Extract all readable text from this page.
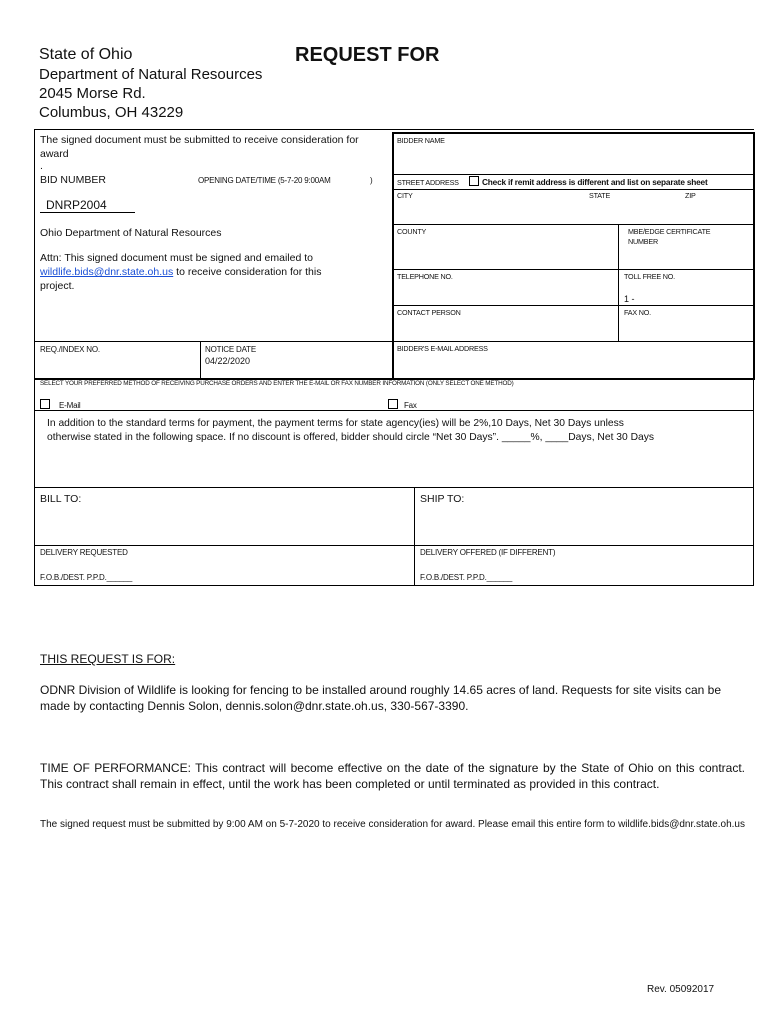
State of Ohio
Department of Natural Resources
2045 Morse Rd.
Columbus, OH 43229
REQUEST FOR
The signed document must be submitted to receive consideration for
award
.
BID NUMBER	OPENING DATE/TIME (5-7-20 9:00AM	)
DNRP2004
Ohio Department of Natural Resources
Attn: This signed document must be signed and emailed to
wildlife.bids@dnr.state.oh.us to receive consideration for this
project.
REQ./INDEX NO.	NOTICE DATE
04/22/2020
BIDDER NAME
STREET ADDRESS	Check if remit address is different and list on separate sheet
CITY	STATE	ZIP
COUNTY	MBE/EDGE CERTIFICATE
NUMBER
TELEPHONE NO.	TOLL FREE NO.
1 -
CONTACT PERSON	FAX NO.
BIDDER'S E-MAIL ADDRESS
SELECT YOUR PREFERRED METHOD OF RECEIVING PURCHASE ORDERS AND ENTER THE E-MAIL OR FAX NUMBER INFORMATION (ONLY SELECT ONE METHOD)
E-Mail	Fax
In addition to the standard terms for payment, the payment terms for state agency(ies) will be 2%,10 Days, Net 30 Days unless
otherwise stated in the following space. If no discount is offered, bidder should circle “Net 30 Days”. _____%, ____Days, Net 30 Days
BILL TO:	SHIP TO:
DELIVERY REQUESTED	DELIVERY OFFERED (IF DIFFERENT)
F.O.B./DEST. P.P.D.______	F.O.B./DEST. P.P.D.______
THIS REQUEST IS FOR:
ODNR Division of Wildlife is looking for fencing to be installed around roughly 14.65 acres of land. Requests for site visits can be made by contacting Dennis Solon, dennis.solon@dnr.state.oh.us, 330-567-3390.
TIME OF PERFORMANCE: This contract will become effective on the date of the signature by the State of Ohio on this contract. This contract shall remain in effect, until the work has been completed or until terminated as provided in this contract.
The signed request must be submitted by 9:00 AM on 5-7-2020 to receive consideration for award. Please email this entire form to wildlife.bids@dnr.state.oh.us
Rev. 05092017
